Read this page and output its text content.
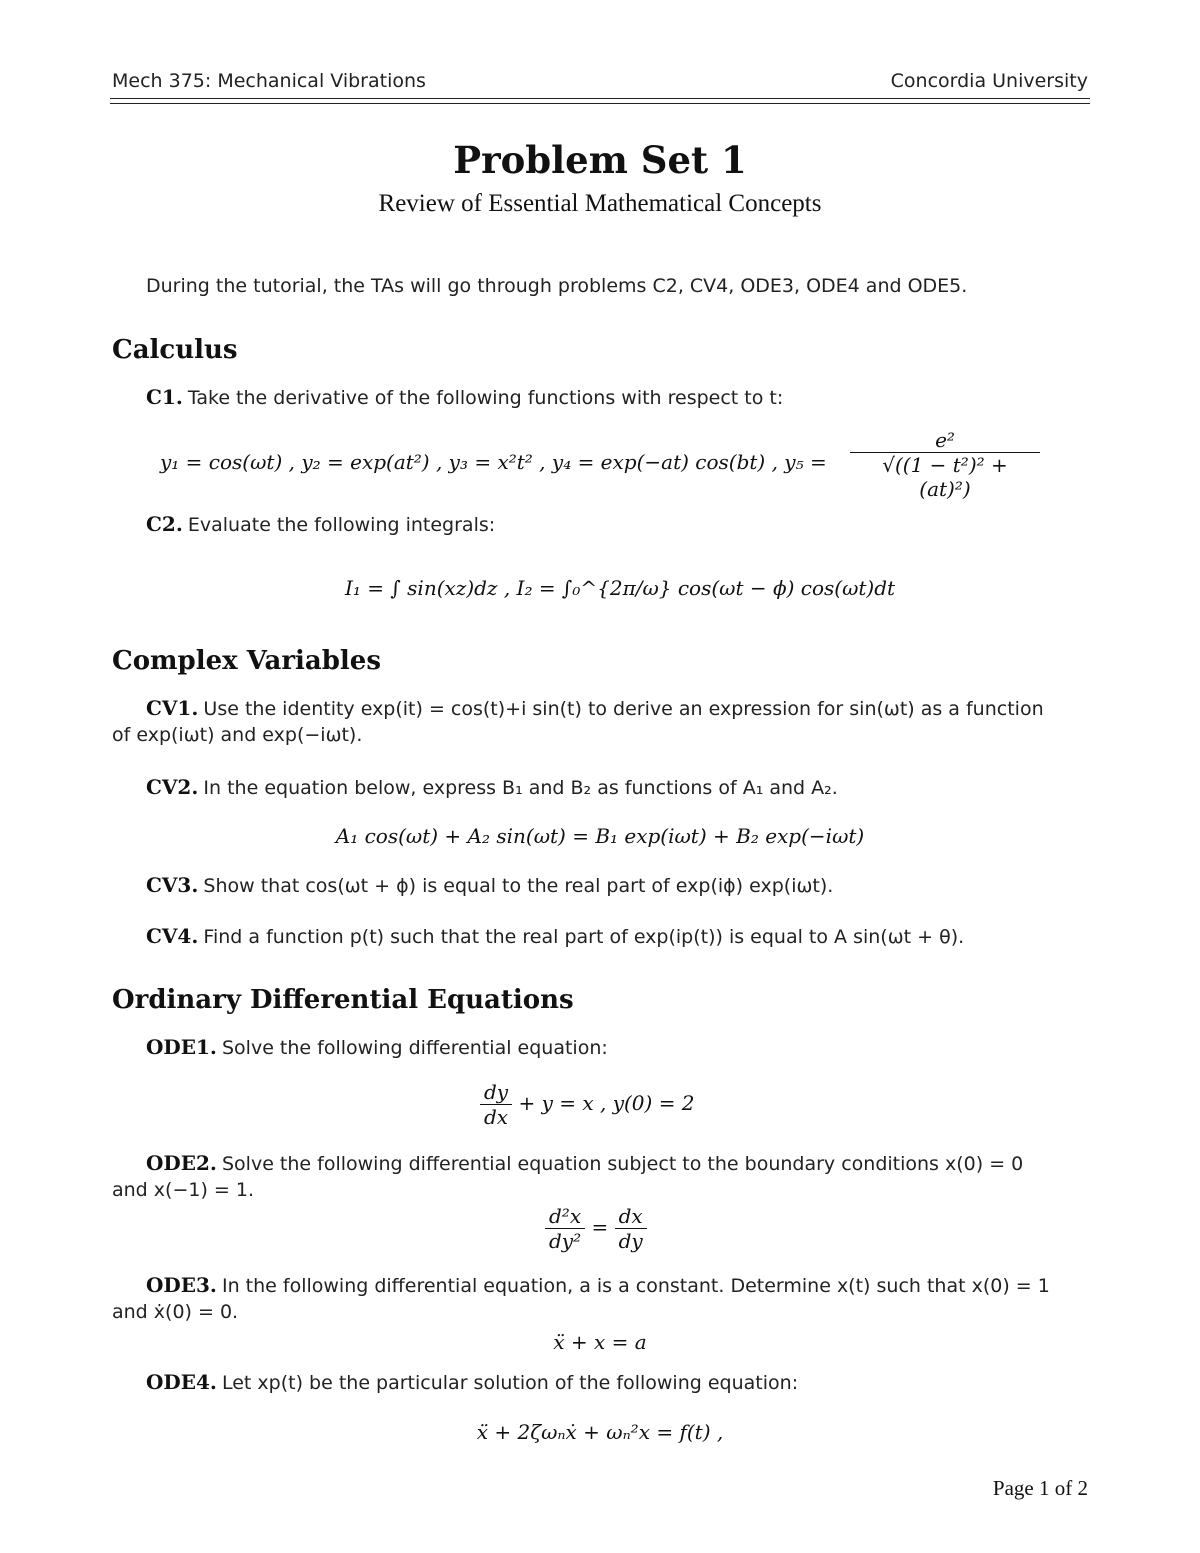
Mech 375: Mechanical Vibrations	Concordia University
Problem Set 1
Review of Essential Mathematical Concepts
During the tutorial, the TAs will go through problems C2, CV4, ODE3, ODE4 and ODE5.
Calculus
C1. Take the derivative of the following functions with respect to t:
y₁ = cos(ωt) , y₂ = exp(at²) , y₃ = x²t² , y₄ = exp(−at) cos(bt) , $y_5 = \frac{\text{e²}}{\text{√((1 − t²)² + (at)²)}}$
C2. Evaluate the following integrals:
I₁ = ∫ sin(xz)dz , I₂ = ∫₀^{2π/ω} cos(ωt − ϕ) cos(ωt)dt
Complex Variables
CV1. Use the identity exp(it) = cos(t)+i sin(t) to derive an expression for sin(ωt) as a function
of exp(iωt) and exp(−iωt).
CV2. In the equation below, express B₁ and B₂ as functions of A₁ and A₂.
A₁ cos(ωt) + A₂ sin(ωt) = B₁ exp(iωt) + B₂ exp(−iωt)
CV3. Show that cos(ωt + ϕ) is equal to the real part of exp(iϕ) exp(iωt).
CV4. Find a function p(t) such that the real part of exp(ip(t)) is equal to A sin(ωt + θ).
Ordinary Differential Equations
ODE1. Solve the following differential equation:
$\frac{dy}{dx} + y = x$ , y(0) = 2
ODE2. Solve the following differential equation subject to the boundary conditions x(0) = 0
and x(−1) = 1.
$\frac{\text{d²x}}{\text{dy²}} = \frac{dx}{dy}$
ODE3. In the following differential equation, a is a constant. Determine x(t) such that x(0) = 1
and ẋ(0) = 0.
ẍ + x = a
ODE4. Let xp(t) be the particular solution of the following equation:
ẍ + 2ζωₙẋ + ωₙ²x = f(t) ,
Page 1 of 2
